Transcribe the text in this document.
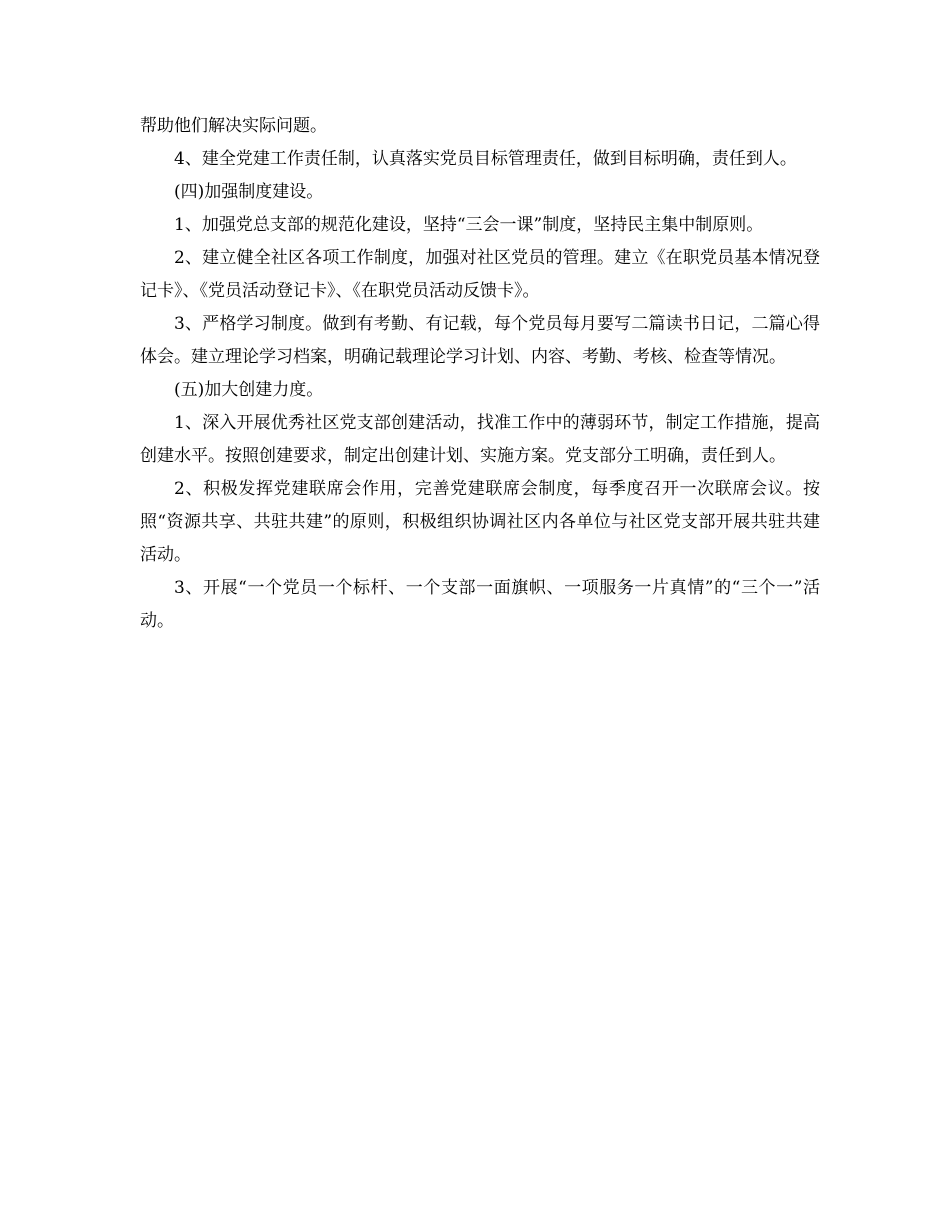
帮助他们解决实际问题。

4、建全党建工作责任制，认真落实党员目标管理责任，做到目标明确，责任到人。

(四)加强制度建设。

1、加强党总支部的规范化建设，坚持“三会一课”制度，坚持民主集中制原则。

2、建立健全社区各项工作制度，加强对社区党员的管理。建立《在职党员基本情况登记卡》、《党员活动登记卡》、《在职党员活动反馈卡》。

3、严格学习制度。做到有考勤、有记载，每个党员每月要写二篇读书日记，二篇心得体会。建立理论学习档案，明确记载理论学习计划、内容、考勤、考核、检查等情况。

(五)加大创建力度。

1、深入开展优秀社区党支部创建活动，找准工作中的薄弱环节，制定工作措施，提高创建水平。按照创建要求，制定出创建计划、实施方案。党支部分工明确，责任到人。

2、积极发挥党建联席会作用，完善党建联席会制度，每季度召开一次联席会议。按照“资源共享、共驻共建”的原则，积极组织协调社区内各单位与社区党支部开展共驻共建活动。

3、开展“一个党员一个标杆、一个支部一面旗帜、一项服务一片真情”的“三个一”活动。
